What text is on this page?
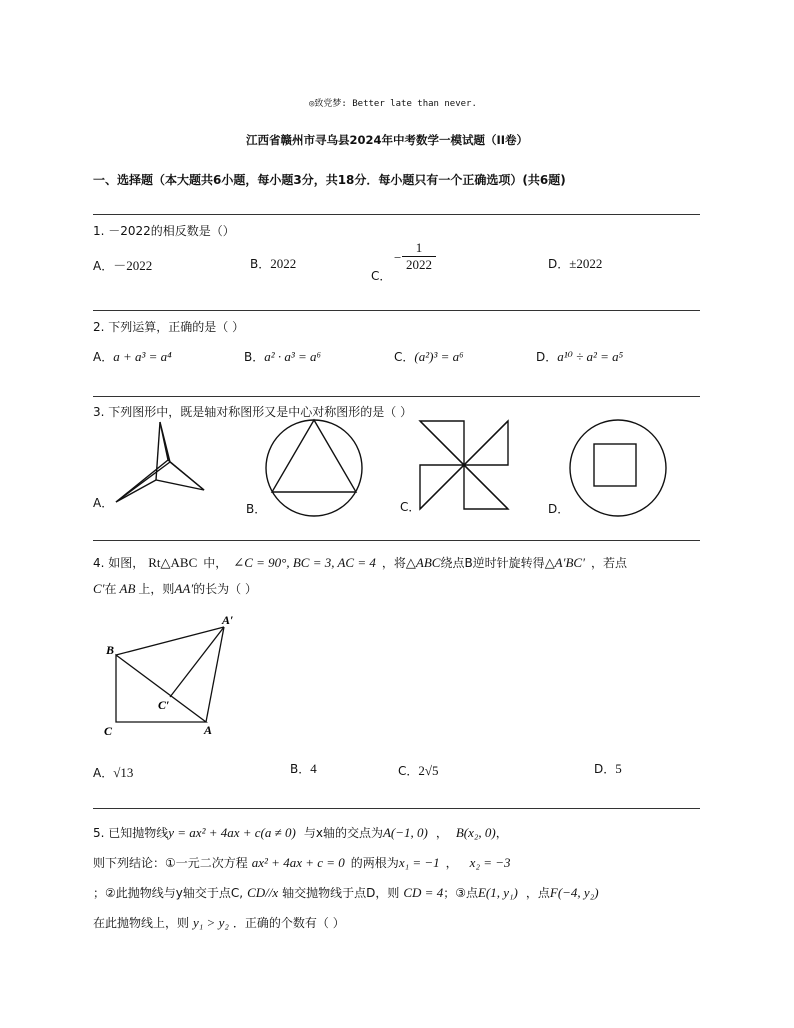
◎致党梦: Better late than never.
江西省赣州市寻乌县2024年中考数学一模试题（II卷）
一、选择题（本大题共6小题，每小题3分，共18分．每小题只有一个正确选项）(共6题)
1. －2022的相反数是（）
A．－2022	B．2022
C．
− $\frac{1}{2022}$	D．±2022
2. 下列运算，正确的是（ ）
A．a + a³ = a⁴	B．a² · a³ = a⁶	C．(a²)³ = a⁶	D．a¹⁰ ÷ a² = a⁵
3. 下列图形中，既是轴对称图形又是中心对称图形的是（ ）
A．	B．	C．	D．
4. 如图， Rt△ABC 中， ∠C = 90°, BC = 3, AC = 4 ，将△ABC绕点B逆时针旋转得△A′BC′ ，若点
C′在 AB 上，则AA′的长为（ ）
B
C	A
A′
C′
A．√13	B．4	C．2√5	D．5
5. 已知抛物线y = ax² + 4ax + c(a ≠ 0) 与x轴的交点为A(−1, 0) ， B(x₂, 0)，
则下列结论：①一元二次方程 ax² + 4ax + c = 0 的两根为x₁ = −1 ， x₂ = −3
；②此抛物线与y轴交于点C, CD//x 轴交抛物线于点D，则 CD = 4；③点E(1, y₁) ，点F(−4, y₂)
在此抛物线上，则 y₁ > y₂ ．正确的个数有（ ）
